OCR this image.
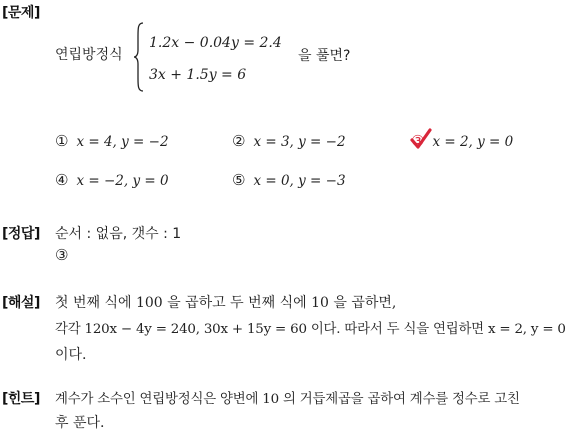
[문제]
연립방정식
1.2x − 0.04y = 2.4
3x + 1.5y = 6
을 풀면?
① x = 4, y = −2	② x = 3, y = −2	③ x = 2, y = 0
④ x = −2, y = 0	⑤ x = 0, y = −3
[정답] 순서 : 없음, 갯수 : 1
③
[해설] 첫 번째 식에 100 을 곱하고 두 번째 식에 10 을 곱하면,
각각 120x − 4y = 240, 30x + 15y = 60 이다. 따라서 두 식을 연립하면 x = 2, y = 0
이다.
[힌트] 계수가 소수인 연립방정식은 양변에 10 의 거듭제곱을 곱하여 계수를 정수로 고친
후 푼다.
